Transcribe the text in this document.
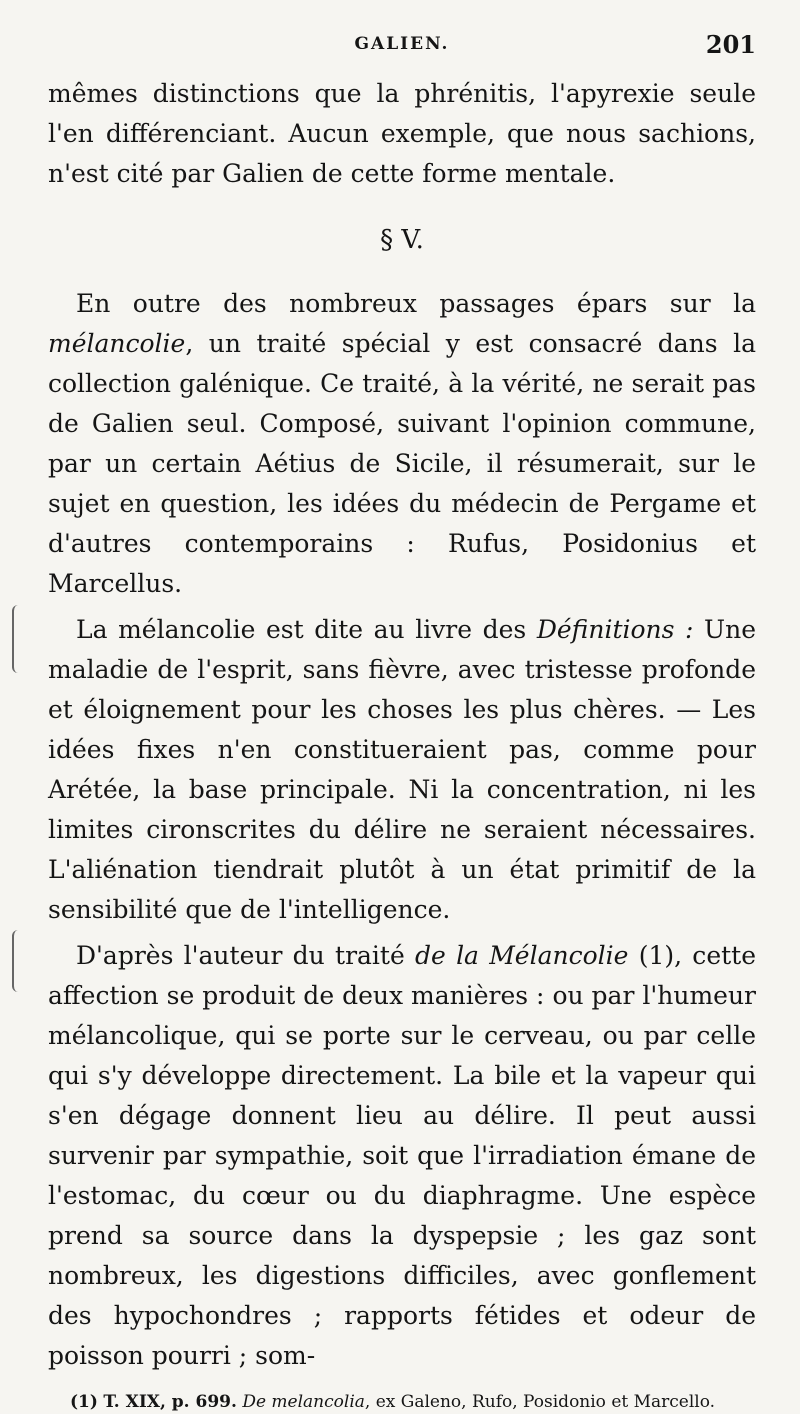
GALIEN.	201

mêmes distinctions que la phrénitis, l'apyrexie seule l'en différenciant. Aucun exemple, que nous sachions, n'est cité par Galien de cette forme mentale.

§ V.

En outre des nombreux passages épars sur la mélancolie, un traité spécial y est consacré dans la collection galénique. Ce traité, à la vérité, ne serait pas de Galien seul. Composé, suivant l'opinion commune, par un certain Aétius de Sicile, il résumerait, sur le sujet en question, les idées du médecin de Pergame et d'autres contemporains : Rufus, Posidonius et Marcellus.

La mélancolie est dite au livre des Définitions : Une maladie de l'esprit, sans fièvre, avec tristesse profonde et éloignement pour les choses les plus chères. — Les idées fixes n'en constitueraient pas, comme pour Arétée, la base principale. Ni la concentration, ni les limites cironscrites du délire ne seraient nécessaires. L'aliénation tiendrait plutôt à un état primitif de la sensibilité que de l'intelligence.

D'après l'auteur du traité de la Mélancolie (1), cette affection se produit de deux manières : ou par l'humeur mélancolique, qui se porte sur le cerveau, ou par celle qui s'y développe directement. La bile et la vapeur qui s'en dégage donnent lieu au délire. Il peut aussi survenir par sympathie, soit que l'irradiation émane de l'estomac, du cœur ou du diaphragme. Une espèce prend sa source dans la dyspepsie ; les gaz sont nombreux, les digestions difficiles, avec gonflement des hypochondres ; rapports fétides et odeur de poisson pourri ; som-

(1) T. XIX, p. 699. De melancolia, ex Galeno, Rufo, Posidonio et Marcello.
